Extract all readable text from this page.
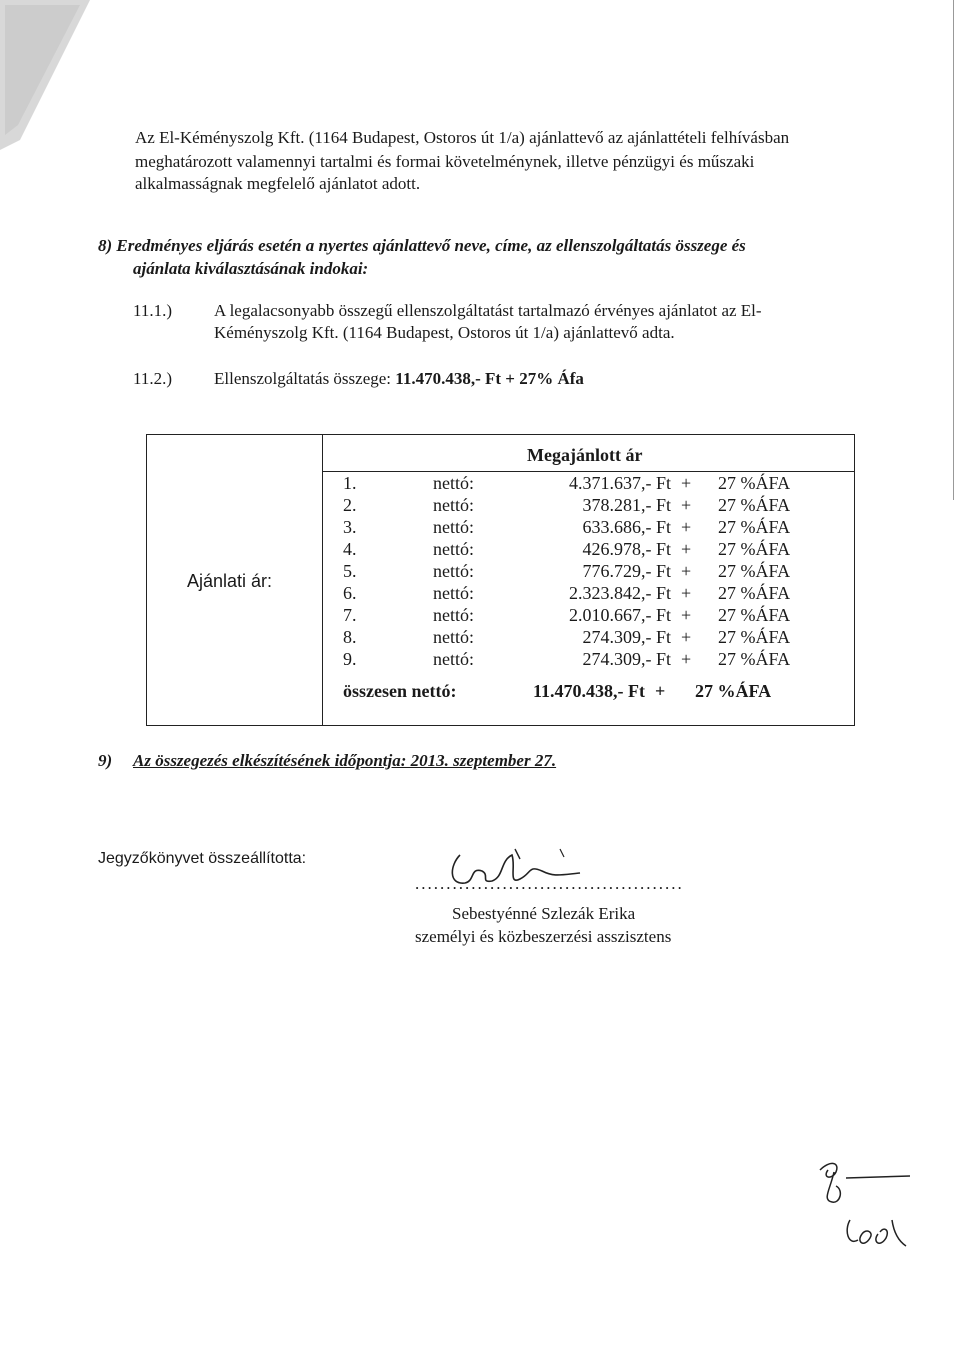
Az El-Kéményszolg Kft. (1164 Budapest, Ostoros út 1/a) ajánlattevő az ajánlattételi felhívásban
meghatározott valamennyi tartalmi és formai követelménynek, illetve pénzügyi és műszaki
alkalmasságnak megfelelő ajánlatot adott.
8) Eredményes eljárás esetén a nyertes ajánlattevő neve, címe, az ellenszolgáltatás összege és
ajánlata kiválasztásának indokai:
11.1.) A legalacsonyabb összegű ellenszolgáltatást tartalmazó érvényes ajánlatot az El-
Kéményszolg Kft. (1164 Budapest, Ostoros út 1/a) ajánlattevő adta.
11.2.) Ellenszolgáltatás összege: 11.470.438,- Ft + 27% Áfa
Ajánlati ár:
Megajánlott ár
1.	nettó:	4.371.637,- Ft + 27 %ÁFA
2.	nettó:	378.281,- Ft + 27 %ÁFA
3.	nettó:	633.686,- Ft + 27 %ÁFA
4.	nettó:	426.978,- Ft + 27 %ÁFA
5.	nettó:	776.729,- Ft + 27 %ÁFA
6.	nettó:	2.323.842,- Ft + 27 %ÁFA
7.	nettó:	2.010.667,- Ft + 27 %ÁFA
8.	nettó:	274.309,- Ft + 27 %ÁFA
9.	nettó:	274.309,- Ft + 27 %ÁFA
összesen nettó:	11.470.438,- Ft + 27 %ÁFA
9) Az összegezés elkészítésének időpontja: 2013. szeptember 27.
Jegyzőkönyvet összeállította:
...........................................
Sebestyénné Szlezák Erika
személyi és közbeszerzési asszisztens
